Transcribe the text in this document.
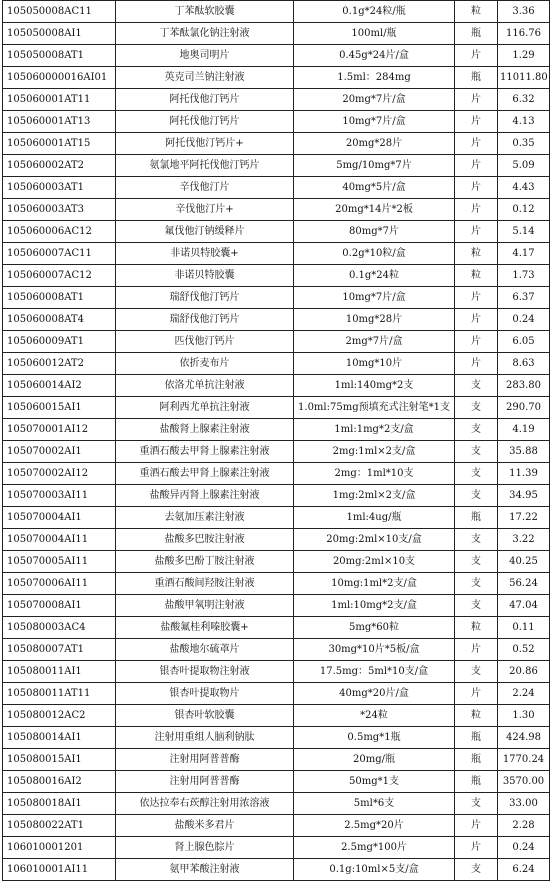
105050008AC11	丁苯酞软胶囊	0.1g*24粒/瓶	粒	3.36
105050008AI1	丁苯酞氯化钠注射液	100ml/瓶	瓶	116.76
105050008AT1	地奥司明片	0.45g*24片/盒	片	1.29
105060000016AI01	英克司兰钠注射液	1.5ml：284mg	瓶	11011.80
105060001AT11	阿托伐他汀钙片	20mg*7片/盒	片	6.32
105060001AT13	阿托伐他汀钙片	10mg*7片/盒	片	4.13
105060001AT15	阿托伐他汀钙片+	20mg*28片	片	0.35
105060002AT2	氨氯地平阿托伐他汀钙片	5mg/10mg*7片	片	5.09
105060003AT1	辛伐他汀片	40mg*5片/盒	片	4.43
105060003AT3	辛伐他汀片+	20mg*14片*2板	片	0.12
105060006AC12	氟伐他汀钠缓释片	80mg*7片	片	5.14
105060007AC11	非诺贝特胶囊+	0.2g*10粒/盒	粒	4.17
105060007AC12	非诺贝特胶囊	0.1g*24粒	粒	1.73
105060008AT1	瑞舒伐他汀钙片	10mg*7片/盒	片	6.37
105060008AT4	瑞舒伐他汀钙片	10mg*28片	片	0.24
105060009AT1	匹伐他汀钙片	2mg*7片/盒	片	6.05
105060012AT2	依折麦布片	10mg*10片	片	8.63
105060014AI2	依洛尤单抗注射液	1ml:140mg*2支	支	283.80
105060015AI1	阿利西尤单抗注射液	1.0ml:75mg预填充式注射笔*1支	支	290.70
105070001AI12	盐酸肾上腺素注射液	1ml:1mg*2支/盒	支	4.19
105070002AI1	重酒石酸去甲肾上腺素注射液	2mg:1ml×2支/盒	支	35.88
105070002AI12	重酒石酸去甲肾上腺素注射液	2mg：1ml*10支	支	11.39
105070003AI11	盐酸异丙肾上腺素注射液	1mg:2ml×2支/盒	支	34.95
105070004AI1	去氨加压素注射液	1ml:4ug/瓶	瓶	17.22
105070004AI11	盐酸多巴胺注射液	20mg:2ml×10支/盒	支	3.22
105070005AI11	盐酸多巴酚丁胺注射液	20mg:2ml×10支	支	40.25
105070006AI11	重酒石酸间羟胺注射液	10mg:1ml*2支/盒	支	56.24
105070008AI1	盐酸甲氧明注射液	1ml:10mg*2支/盒	支	47.04
105080003AC4	盐酸氟桂利嗪胶囊+	5mg*60粒	粒	0.11
105080007AT1	盐酸地尔硫䓬片	30mg*10片*5板/盒	片	0.52
105080011AI1	银杏叶提取物注射液	17.5mg：5ml*10支/盒	支	20.86
105080011AT11	银杏叶提取物片	40mg*20片/盒	片	2.24
105080012AC2	银杏叶软胶囊	*24粒	粒	1.30
105080014AI1	注射用重组人脑利钠肽	0.5mg*1瓶	瓶	424.98
105080015AI1	注射用阿普普酶	20mg/瓶	瓶	1770.24
105080016AI2	注射用阿普普酶	50mg*1支	瓶	3570.00
105080018AI1	依达拉奉右莰醇注射用浓溶液	5ml*6支	支	33.00
105080022AT1	盐酸米多君片	2.5mg*20片	片	2.28
106010001201	肾上腺色腙片	2.5mg*100片	片	0.24
106010001AI11	氨甲苯酸注射液	0.1g:10ml×5支/盒	支	6.24
